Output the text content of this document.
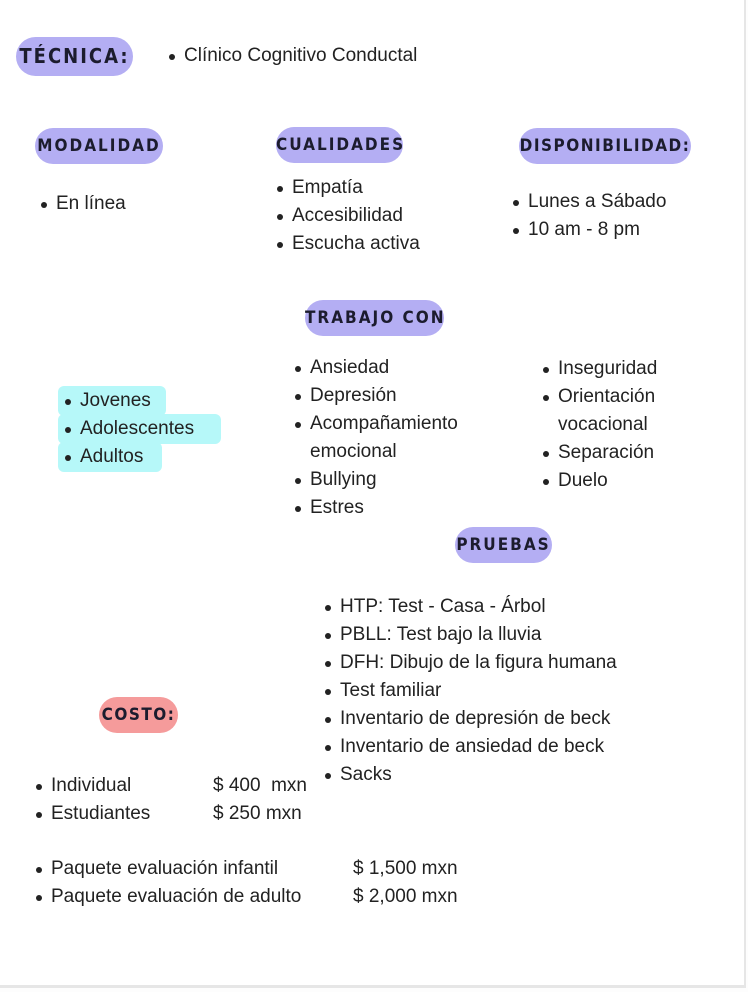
TÉCNICA:	Clínico Cognitivo Conductal
MODALIDAD
En línea
CUALIDADES
Empatía
Accesibilidad
Escucha activa
DISPONIBILIDAD:
Lunes a Sábado
10 am - 8 pm
TRABAJO CON
Jovenes
Adolescentes
Adultos
Ansiedad
Depresión
Acompañamiento
emocional
Bullying
Estres
Inseguridad
Orientación
vocacional
Separación
Duelo
PRUEBAS
HTP: Test - Casa - Árbol
PBLL: Test bajo la lluvia
DFH: Dibujo de la figura humana
Test familiar
Inventario de depresión de beck
Inventario de ansiedad de beck
Sacks
COSTO:
Individual	$ 400  mxn
Estudiantes	$ 250 mxn
Paquete evaluación infantil	$ 1,500 mxn
Paquete evaluación de adulto	$ 2,000 mxn
